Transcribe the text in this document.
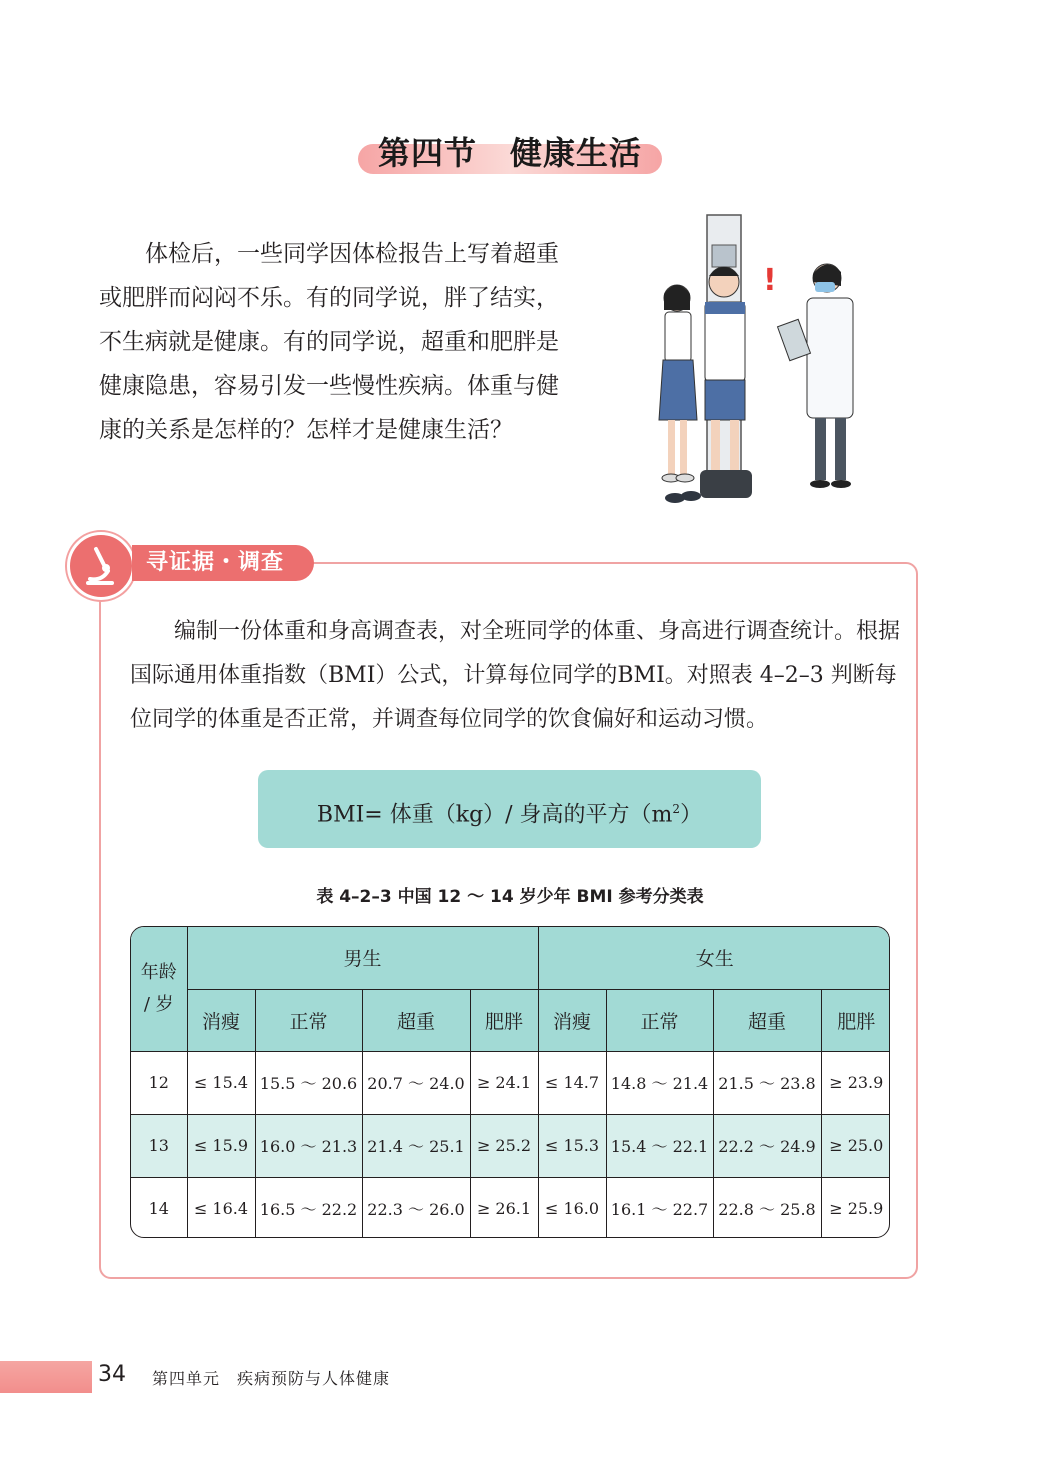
第四节　健康生活

体检后，一些同学因体检报告上写着超重或肥胖而闷闷不乐。有的同学说，胖了结实，不生病就是健康。有的同学说，超重和肥胖是健康隐患，容易引发一些慢性疾病。体重与健康的关系是怎样的？怎样才是健康生活？

!
寻证据・调查

编制一份体重和身高调查表，对全班同学的体重、身高进行调查统计。根据国际通用体重指数（BMI）公式，计算每位同学的BMI。对照表 4–2–3 判断每位同学的体重是否正常，并调查每位同学的饮食偏好和运动习惯。

BMI= 体重（kg）/ 身高的平方$(m^2)$
表 4–2–3 中国 12 ～ 14 岁少年 BMI 参考分类表
年龄
/ 岁	男生				女生			
	消瘦	正常	超重	肥胖	消瘦	正常	超重	肥胖
12	≤ 15.4	15.5 ～ 20.6	20.7 ～ 24.0	≥ 24.1	≤ 14.7	14.8 ～ 21.4	21.5 ～ 23.8	≥ 23.9
13	≤ 15.9	16.0 ～ 21.3	21.4 ～ 25.1	≥ 25.2	≤ 15.3	15.4 ～ 22.1	22.2 ～ 24.9	≥ 25.0
14	≤ 16.4	16.5 ～ 22.2	22.3 ～ 26.0	≥ 26.1	≤ 16.0	16.1 ～ 22.7	22.8 ～ 25.8	≥ 25.9
34 第四单元　疾病预防与人体健康
